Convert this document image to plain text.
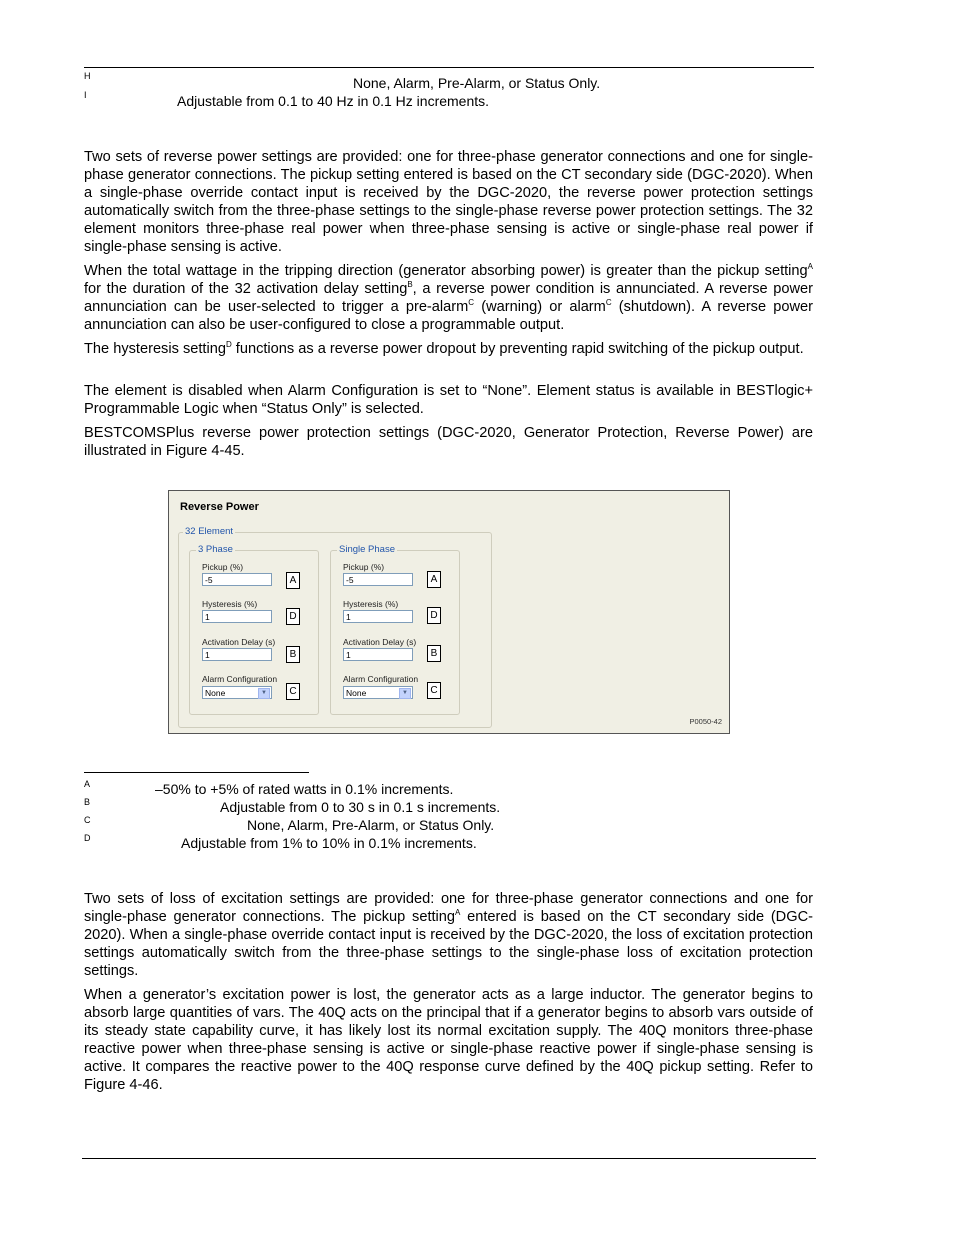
H	None, Alarm, Pre-Alarm, or Status Only.
I	Adjustable from 0.1 to 40 Hz in 0.1 Hz increments.

Two sets of reverse power settings are provided: one for three-phase generator connections and one for single-phase generator connections. The pickup setting entered is based on the CT secondary side (DGC-2020). When a single-phase override contact input is received by the DGC-2020, the reverse power protection settings automatically switch from the three-phase settings to the single-phase reverse power protection settings. The 32 element monitors three-phase real power when three-phase sensing is active or single-phase real power if single-phase sensing is active.

When the total wattage in the tripping direction (generator absorbing power) is greater than the pickup setting$^A$ for the duration of the 32 activation delay setting$^B$, a reverse power condition is annunciated. A reverse power annunciation can be user-selected to trigger a pre-alarm$^C$ (warning) or alarm$^C$ (shutdown). A reverse power annunciation can also be user-configured to close a programmable output.

The hysteresis setting$^D$ functions as a reverse power dropout by preventing rapid switching of the pickup output.

The element is disabled when Alarm Configuration is set to “None”. Element status is available in BESTlogic+ Programmable Logic when “Status Only” is selected.

BESTCOMSPlus reverse power protection settings (DGC-2020, Generator Protection, Reverse Power) are illustrated in Figure 4-45.

Reverse Power
32 Element
3 Phase
Pickup (%)
-5	A
Hysteresis (%)
1	D
Activation Delay (s)
1	B
Alarm Configuration
None	▼	C
Single Phase
Pickup (%)
-5	A
Hysteresis (%)
1	D
Activation Delay (s)
1	B
Alarm Configuration
None	▼	C
P0050-42
A	–50% to +5% of rated watts in 0.1% increments.
B	Adjustable from 0 to 30 s in 0.1 s increments.
C	None, Alarm, Pre-Alarm, or Status Only.
D	Adjustable from 1% to 10% in 0.1% increments.

Two sets of loss of excitation settings are provided: one for three-phase generator connections and one for single-phase generator connections. The pickup setting$^A$ entered is based on the CT secondary side (DGC-2020). When a single-phase override contact input is received by the DGC-2020, the loss of excitation protection settings automatically switch from the three-phase settings to the single-phase loss of excitation protection settings.

When a generator’s excitation power is lost, the generator acts as a large inductor. The generator begins to absorb large quantities of vars. The 40Q acts on the principal that if a generator begins to absorb vars outside of its steady state capability curve, it has likely lost its normal excitation supply. The 40Q monitors three-phase reactive power when three-phase sensing is active or single-phase reactive power if single-phase sensing is active. It compares the reactive power to the 40Q response curve defined by the 40Q pickup setting. Refer to Figure 4-46.
